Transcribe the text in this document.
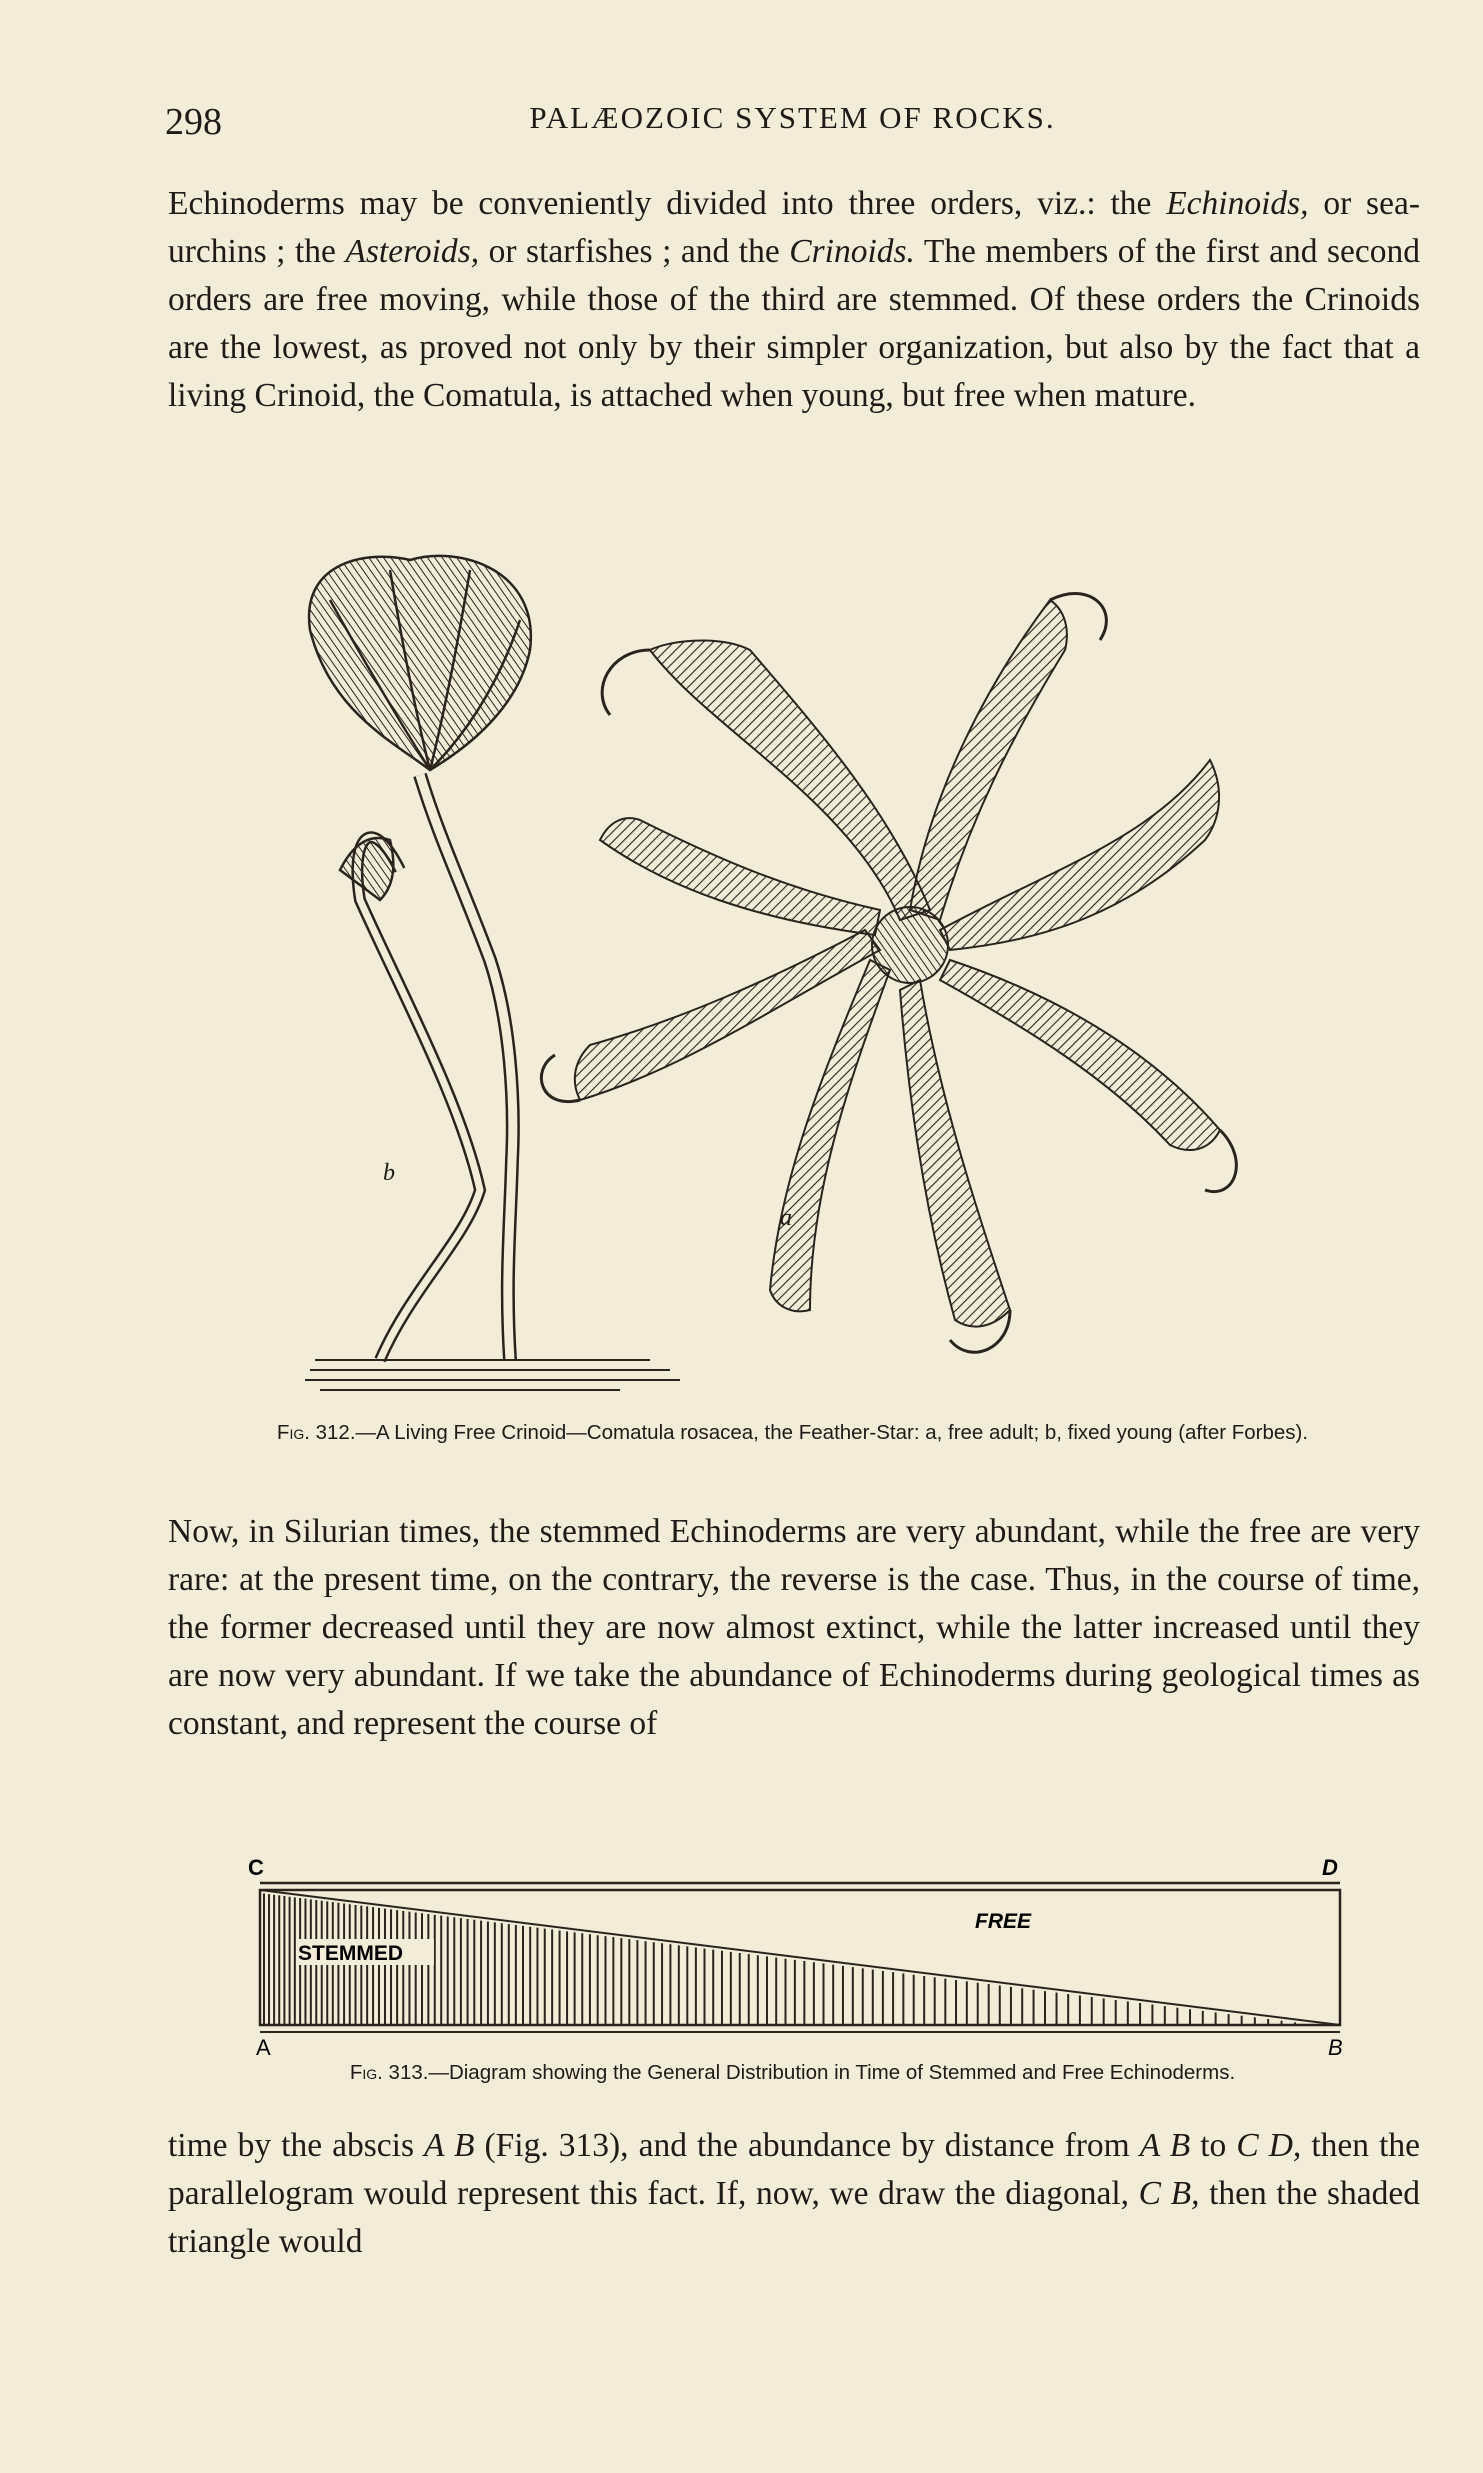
298	PALÆOZOIC SYSTEM OF ROCKS.
Echinoderms may be conveniently divided into three orders, viz.: the Echinoids, or sea-urchins ; the Asteroids, or starfishes ; and the Crinoids. The members of the first and second orders are free moving, while those of the third are stemmed. Of these orders the Crinoids are the lowest, as proved not only by their simpler organization, but also by the fact that a living Crinoid, the Comatula, is attached when young, but free when mature.
b
a
Fig. 312.—A Living Free Crinoid—Comatula rosacea, the Feather-Star: a, free adult; b, fixed young (after Forbes).
Now, in Silurian times, the stemmed Echinoderms are very abundant, while the free are very rare: at the present time, on the contrary, the reverse is the case. Thus, in the course of time, the former decreased until they are now almost extinct, while the latter increased until they are now very abundant. If we take the abundance of Echinoderms during geological times as constant, and represent the course of
C	D
A	B
STEMMED
FREE
Fig. 313.—Diagram showing the General Distribution in Time of Stemmed and Free Echinoderms.
time by the abscis A B (Fig. 313), and the abundance by distance from A B to C D, then the parallelogram would represent this fact. If, now, we draw the diagonal, C B, then the shaded triangle would
